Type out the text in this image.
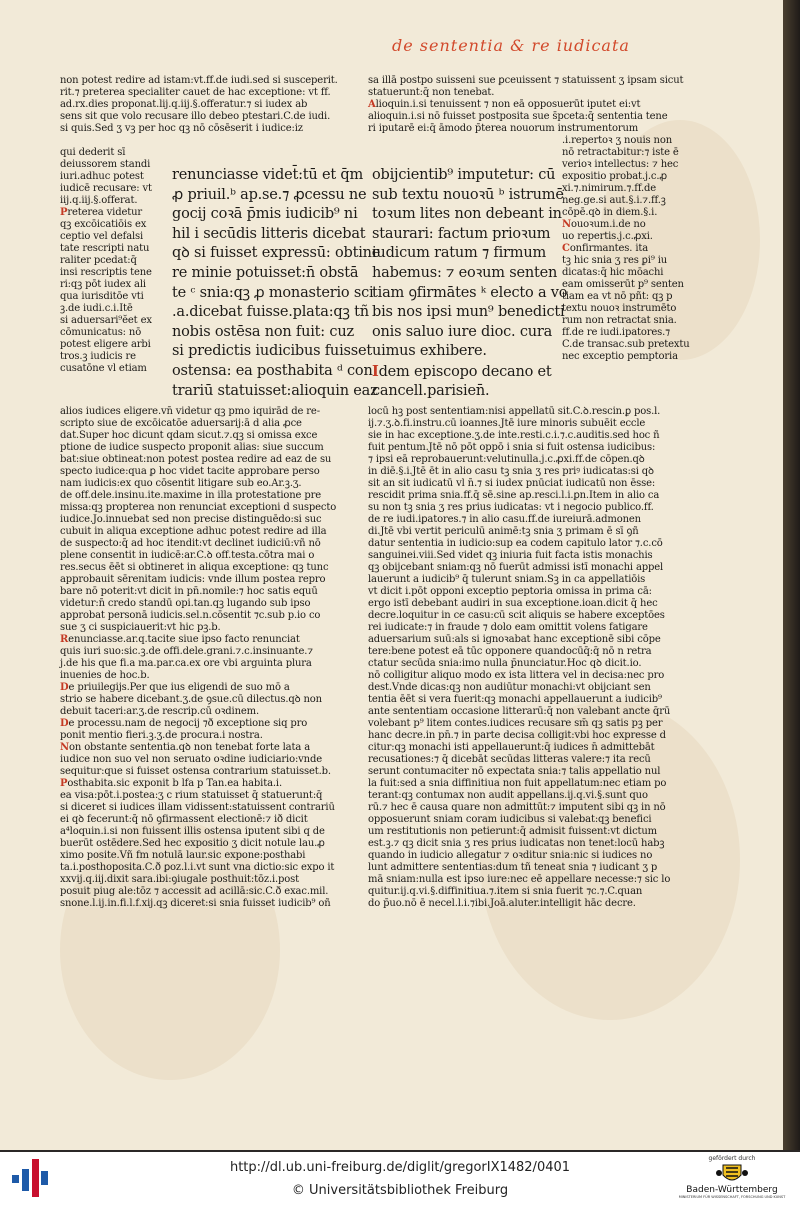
de sententia & re iudicata
non potest redire ad istam:vt.ff.de iudi.sed si susceperit.
rit.⁊ preterea specialiter cauet de hac exceptione: vt ff.
ad.rx.dies proponat.lij.q.iij.§.offeratur.⁊ si iudex ab
sens sit que volo recusare illo debeo ptestari.C.de iudi.
si quis.Sed ʒ vꝫ per hoc qꝫ nō cōsēserit i iudice:iz
qui dederit sī
deiussorem standi
iuri.adhuc potest
iudicē recusare: vt
iij.q.iij.§.offerat.
Preterea videtur
qꝫ excōicatiōis ex
ceptio vel defalsi
tate rescripti natu
raliter pcedat:q̄
insi rescriptis tene
ri:qꝫ pōt iudex ali
qua iurisditōe vti
ꝫ.de iudi.c.i.Itē
si aduersari⁹ĕet ex
cōmunicatus: nō
potest eligere arbi
tros.ꝫ iudicis re
cusatōne vl etiam
renunciasse videt̄:tū et q̄m
ꝓ priuil.ᵇ ap.se.⁊ ꝓcessu ne
gocij coꝛā p̄mis iudicib⁹ ni
hil i secūdis litteris dicebat
qꝺ si fuisset expressū: obtine
re minie potuisset:n̄ obstā
te ᶜ snia:qꝫ ꝓ monasterio sci
.a.dicebat fuisse.plata:qꝫ tñ
nobis ostēsa non fuit: cuz
si predictis iudicibus fuisset
ostensa: ea posthabita ᵈ con
trariū statuisset:alioquin eaz
obijcientib⁹ imputetur: cū
sub textu nouoꝛū ᵇ istrumē
toꝛum lites non debeant in
staurari: factum prioꝛum
iudicum ratum ⁊ firmum
habemus: ⁊ eoꝛum senten
tiam ꝯfirmātes ᵏ electo a vo
bis nos ipsi mun⁹ benedicti
onis saluo iure dioc. cura
uimus exhibere.
Idem episcopo decano et
cancell.parisien̄.
sa illā postpo suisseni sue ꝑceuissent ⁊ statuissent ʒ ipsam sicut
statuerunt:q̄ non tenebat.
Alioquin.i.si tenuissent ⁊ non eā opposuerūt iputet ei:vt
alioquin.i.si nō fuisset postposita sue s̄pceta:q̄ sententia tene
ri iputarē ei:q̄ āmodo p̄terea nouorum instrumentorum
.i.repertoꝛ ʒ nouis non
nō retractabitur:⁊ iste ē
verioꝛ intellectus: ⁊ hec
expositio probat.j.c.ꝓ
xi.⁊.nimirum.⁊.ff.de
neg.ge.si aut.§.i.⁊.ff.ꝫ
cōpē.qꝺ in diem.§.i.
Nouoꝛum.i.de no
uo repertis.j.c.ꝓxi.
Confirmantes. ita
tꝫ hic snia ʒ res ꝑi⁹ iu
dicatas:q̄ hic mōachi
eam omisserūt p⁹ senten
tiam ea vt nō pñt: qꝫ p
textu nouoꝛ instrumēto
rum non retractat snia.
ff.de re iudi.ipatores.⁊
C.de transac.sub pretextu
nec exceptio pemptoria
alios iudices eligere.vn̄ videtur qꝫ pmo iquirād de re-
scripto siue de excōicatōe aduersarij:ā d alia ꝓce
dat.Super hoc dicunt qdam sicut.⁊.qꝫ si omissa exce
ptione de iudice suspecto proponit alias: siue succum
bat:siue obtineat:non potest postea redire ad eaz de su
specto iudice:qua ꝑ hoc videt tacite approbare perso
nam iudicis:ex quo cōsentit litigare sub eo.Ar.ꝫ.ʒ.
de off.dele.insinu.ite.maxime in illa protestatione pre
missa:qꝫ propterea non renunciat exceptioni d suspecto
iudice.Jo.innuebat sed non precise distinguēdo:si suc
cubuit in aliqua exceptione adhuc potest redire ad illa
de suspecto:q̄ ad hoc itendit:vt declinet iudiciū:vñ nō
plene consentit in iudicē:ar.C.ꝺ off.testa.cōtra mai o
res.secus ēēt si obtineret in aliqua exceptione: qꝫ tunc
approbauit sērenitam iudicis: vnde illum postea repro
bare nō poterit:vt dicit in pn̄.nomile:⁊ hoc satis equū
videtur:n̄ credo standū opi.tan.qꝫ lugando sub ipso
approbat personā iudicis.sel.n.cōsentit ⁊c.sub p.io co
sue ʒ ci suspiciauerit:vt hic pꝫ.b.
Renunciasse.ar.q.tacite siue ipso facto renunciat
quis iuri suo:sic.ꝫ.de offi.dele.grani.⁊.c.insinuante.⁊
j.de his que fi.a ma.par.ca.ex ore vbi arguinta plura
inuenies de hoc.b.
De priuilegijs.Per que ius eligendi de suo mō a
strio se habere dicebant.ʒ.de ꝯsue.cū dilectus.qꝺ non
debuit taceri:ar.ʒ.de rescrip.cū oꝛdinem.
De processu.nam de negocij ⁊ð exceptione siq pro
ponit mentio fieri.ꝫ.ʒ.de procura.i nostra.
Non obstante sententia.qꝺ non tenebat forte lata a
iudice non suo vel non seruato oꝛdine iudiciario:vnde
sequitur:que si fuisset ostensa contrarium statuisset.b.
Posthabita.sic exponit b lfa p Tan.ea habita.i.
ea visa:pōt.i.postea:ʒ c rium statuisset q̄ statuerunt:q̄
si diceret si iudices illam vidissent:statuissent contrariū
ei qꝺ fecerunt:q̄ nō ꝯfirmassent electionē:⁊ ið dicit
a⁴loquin.i.si non fuissent illis ostensa iputent sibi q de
buerūt ostēdere.Sed hec expositio ʒ dicit notule lau.ꝓ
ximo posite.Vñ fm notulā laur.sic expone:posthabi
ta.i.posthoposita.C.ð ꝑoz.l.i.vt sunt vna dictio:sic expo it
xxvij.q.iij.dixit sara.ibi:ꝯiugale posthuit:tōz.i.post
posuit piug ale:tōz ⁊ accessit ad acillā:sic.C.ð exac.mil.
snone.l.ij.in.fi.l.f.xij.qꝫ diceret:si snia fuisset iudicib⁹ oñ
locū hꝫ post sententiam:nisi appellatū sit.C.ꝺ.rescin.ꝑ pos.l.
ij.⁊.ʒ.ꝺ.fi.instru.cū ioannes.Jtē iure minoris subuēit eccle
sie in hac exceptione.ʒ.de inte.resti.c.i.⁊.c.auditis.sed hoc ñ
fuit pentum.Jtē nō pōt oppō i snia si fuit ostensa iudicibus:
⁊ ipsi eā reprobauerunt:velutinulla.j.c.ꝓxi.ff.de cōpen.qꝺ
in diē.§.i.Jtē ēt in alio casu tꝫ snia ʒ res priꝰ iudicatas:si qꝺ
sit an sit iudicatū vl n̄.⁊ si iudex pnūciat iudicatū non ēsse:
rescidit prima snia.ff.q̄ sē.sine ap.resci.l.i.ꝑn.Item in alio ca
su non tꝫ snia ʒ res prius iudicatas: vt i negocio publico.ff.
de re iudi.iꝑatores.⁊ in alio casu.ff.de iureiurā.admonen
di.Jtē vbi vertit periculū animē:tꝫ snia ʒ primam ē sī ꝯñ
datur sententia in iudicio:sup ea codem capitulo lator ⁊.c.cō
sanguinei.viii.Sed videt qꝫ iniuria fuit facta istis monachis
qꝫ obijcebant sniam:qꝫ nō fuerūt admissi istī monachi appel
lauerunt a iudicib⁹ q̄ tulerunt sniam.Sꝫ in ca appellatiōis
vt dicit i.pōt opponi exceptio peptoria omissa in prima cā:
ergo istī debebant audiri in sua exceptione.ioan.dicit q̄ hec
decre.loquitur in ce casu:cū scit aliquis se habere exceptōes
rei iudicate:⁊ in fraude ⁊ dolo eam omittit volens fatigare
aduersarium suū:als si ignoꝛabat hanc exceptionē sibi cōpe
tere:bene potest eā tūc opponere quandocūq̄:q̄ nō n retra
ctatur secūda snia:imo nulla p̄nunciatur.Hoc qꝺ dicit.io.
nō colligitur aliquo modo ex ista littera vel in decisa:nec pro
dest.Vnde dicas:qꝫ non audiūtur monachi:vt obijciant sen
tentia ēēt si vera fuerit:qꝫ monachi appellauerunt a iudicib⁹
ante sententiam occasione litterarū:q̄ non valebant ancte q̄rū
volebant p⁹ litem contes.iudices recusare sm̄ qꝫ satis pꝫ per
hanc decre.in pn̄.⁊ in parte decisa colligit:vbi hoc expresse d
citur:qꝫ monachi isti appellauerunt:q̄ iudices n̄ admittebāt
recusationes:⁊ q̄ dicebāt secūdas litteras valere:⁊ ita recū
serunt contumaciter nō expectata snia:⁊ talis appellatio nul
la fuit:sed a snia diffinitiua non fuit appellatum:nec etiam po
terant:qꝫ contumax non audit appellans.ij.q.vi.§.sunt quo
rū.⁊ hec ē causa quare non admittūt:⁊ imputent sibi qꝫ in nō
opposuerunt sniam coram iudicibus si valebat:qꝫ benefici
um restitutionis non petierunt:q̄ admisit fuissent:vt dictum
est.ꝫ.⁊ qꝫ dicit snia ʒ res prius iudicatas non tenet:locū habꝫ
quando in iudicio allegatur ⁊ oꝛditur snia:nic si iudices no
lunt admittere sententias:dum tñ teneat snia ⁊ iudicant ʒ p
mā sniam:nulla est ipso iure:nec eē appellare necesse:⁊ sic lo
quitur.ij.q.vi.§.diffinitiua.⁊.item si snia fuerit ⁊c.⁊.C.quan
do p̄uo.nō ē necel.l.i.⁊ibi.Joā.aluter.intelligit hāc decre.
http://dl.ub.uni-freiburg.de/diglit/gregorIX1482/0401
© Universitätsbibliothek Freiburg
gefördert durch
Baden-Württemberg
MINISTERIUM FÜR WISSENSCHAFT, FORSCHUNG UND KUNST
